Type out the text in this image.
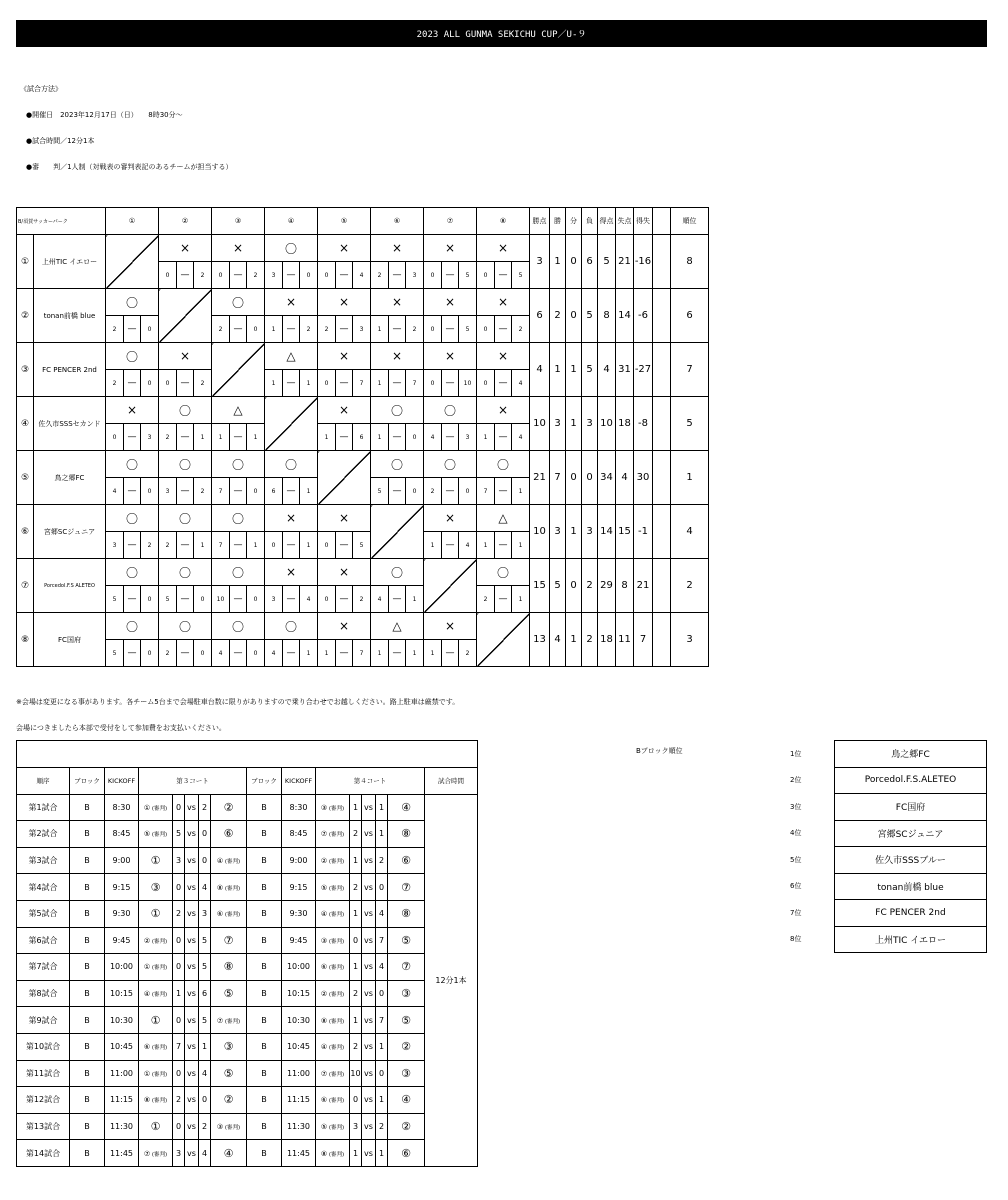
2023 ALL GUNMA SEKICHU CUP／U-９
《試合方法》
●開催日　2023年12月17日（日）　　8時30分～
●試合時間／12分1本
●審　　判／1人制（対戦表の審判表記のあるチームが担当する）
B/須賀サッカーパーク		①			②			③			④			⑤			⑥			⑦			⑧			勝点	勝	分	負	得点	失点	得失		順位
①	上州TIC イエロー				×			×			〇			×			×			×			×			3	1	0	6	5	21	-16		8
					0	—	2	0	—	2	3	—	0	0	—	4	2	—	3	0	—	5	0	—	5									
②	tonan前橋 blue	〇						〇			×			×			×			×			×			6	2	0	5	8	14	-6		6
		2	—	0				2	—	0	1	—	2	2	—	3	1	—	2	0	—	5	0	—	2									
③	FC PENCER 2nd	〇			×						△			×			×			×			×			4	1	1	5	4	31	-27		7
		2	—	0	0	—	2				1	—	1	0	—	7	1	—	7	0	—	10	0	—	4									
④	佐久市SSSセカンド	×			〇			△						×			〇			〇			×			10	3	1	3	10	18	-8		5
		0	—	3	2	—	1	1	—	1				1	—	6	1	—	0	4	—	3	1	—	4									
⑤	鳥之郷FC	〇			〇			〇			〇						〇			〇			〇			21	7	0	0	34	4	30		1
		4	—	0	3	—	2	7	—	0	6	—	1				5	—	0	2	—	0	7	—	1									
⑥	宮郷SCジュニア	〇			〇			〇			×			×						×			△			10	3	1	3	14	15	-1		4
		3	—	2	2	—	1	7	—	1	0	—	1	0	—	5				1	—	4	1	—	1									
⑦	Porcedol.F.S ALETEO	〇			〇			〇			×			×			〇						〇			15	5	0	2	29	8	21		2
		5	—	0	5	—	0	10	—	0	3	—	4	0	—	2	4	—	1				2	—	1									
⑧	FC国府	〇			〇			〇			〇			×			△			×						13	4	1	2	18	11	7		3
		5	—	0	2	—	0	4	—	0	4	—	1	1	—	7	1	—	1	1	—	2												
※会場は変更になる事があります。各チーム5台まで会場駐車台数に限りがありますので乗り合わせでお越しください。路上駐車は厳禁です。
会場につきましたら本部で受付をして参加費をお支払いください。

順序	ブロック	KICKOFF	第３コート					ブロック	KICKOFF	第４コート					試合時間
第1試合	B	8:30	① (審判)	0	vs	2	②	B	8:30	③ (審判)	1	vs	1	④	12分1本
第2試合	B	8:45	⑤ (審判)	5	vs	0	⑥	B	8:45	⑦ (審判)	2	vs	1	⑧	
第3試合	B	9:00	①	3	vs	0	④ (審判)	B	9:00	② (審判)	1	vs	2	⑥	
第4試合	B	9:15	③	0	vs	4	⑧ (審判)	B	9:15	⑤ (審判)	2	vs	0	⑦	
第5試合	B	9:30	①	2	vs	3	⑥ (審判)	B	9:30	④ (審判)	1	vs	4	⑧	
第6試合	B	9:45	② (審判)	0	vs	5	⑦	B	9:45	③ (審判)	0	vs	7	⑤	
第7試合	B	10:00	① (審判)	0	vs	5	⑧	B	10:00	⑥ (審判)	1	vs	4	⑦	
第8試合	B	10:15	④ (審判)	1	vs	6	⑤	B	10:15	② (審判)	2	vs	0	③	
第9試合	B	10:30	①	0	vs	5	⑦ (審判)	B	10:30	⑧ (審判)	1	vs	7	⑤	
第10試合	B	10:45	⑥ (審判)	7	vs	1	③	B	10:45	④ (審判)	2	vs	1	②	
第11試合	B	11:00	① (審判)	0	vs	4	⑤	B	11:00	⑦ (審判)	10	vs	0	③	
第12試合	B	11:15	⑧ (審判)	2	vs	0	②	B	11:15	⑥ (審判)	0	vs	1	④	
第13試合	B	11:30	①	0	vs	2	③ (審判)	B	11:30	⑤ (審判)	3	vs	2	②	
第14試合	B	11:45	⑦ (審判)	3	vs	4	④	B	11:45	⑧ (審判)	1	vs	1	⑥	
Bブロック順位	1位	鳥之郷FC
2位	Porcedol.F.S.ALETEO
3位	FC国府
4位	宮郷SCジュニア
5位	佐久市SSSブルー
6位	tonan前橋 blue
7位	FC PENCER 2nd
8位	上州TIC イエロー
